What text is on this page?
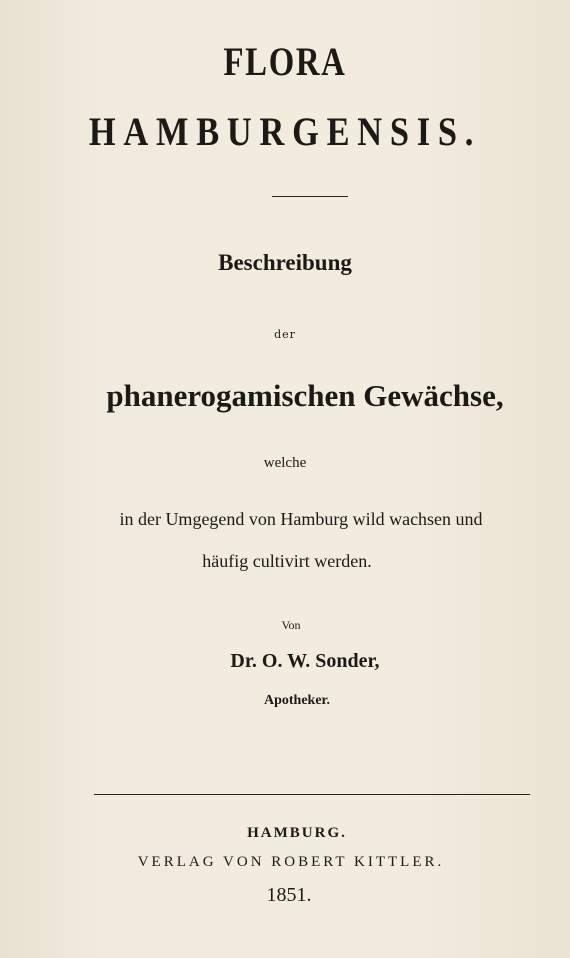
FLORA
HAMBURGENSIS.
Beschreibung
der
phanerogamischen Gewächse,
welche
in der Umgegend von Hamburg wild wachsen und
häufig cultivirt werden.
Von
Dr. O. W. Sonder,
Apotheker.
HAMBURG.
VERLAG VON ROBERT KITTLER.
1851.
